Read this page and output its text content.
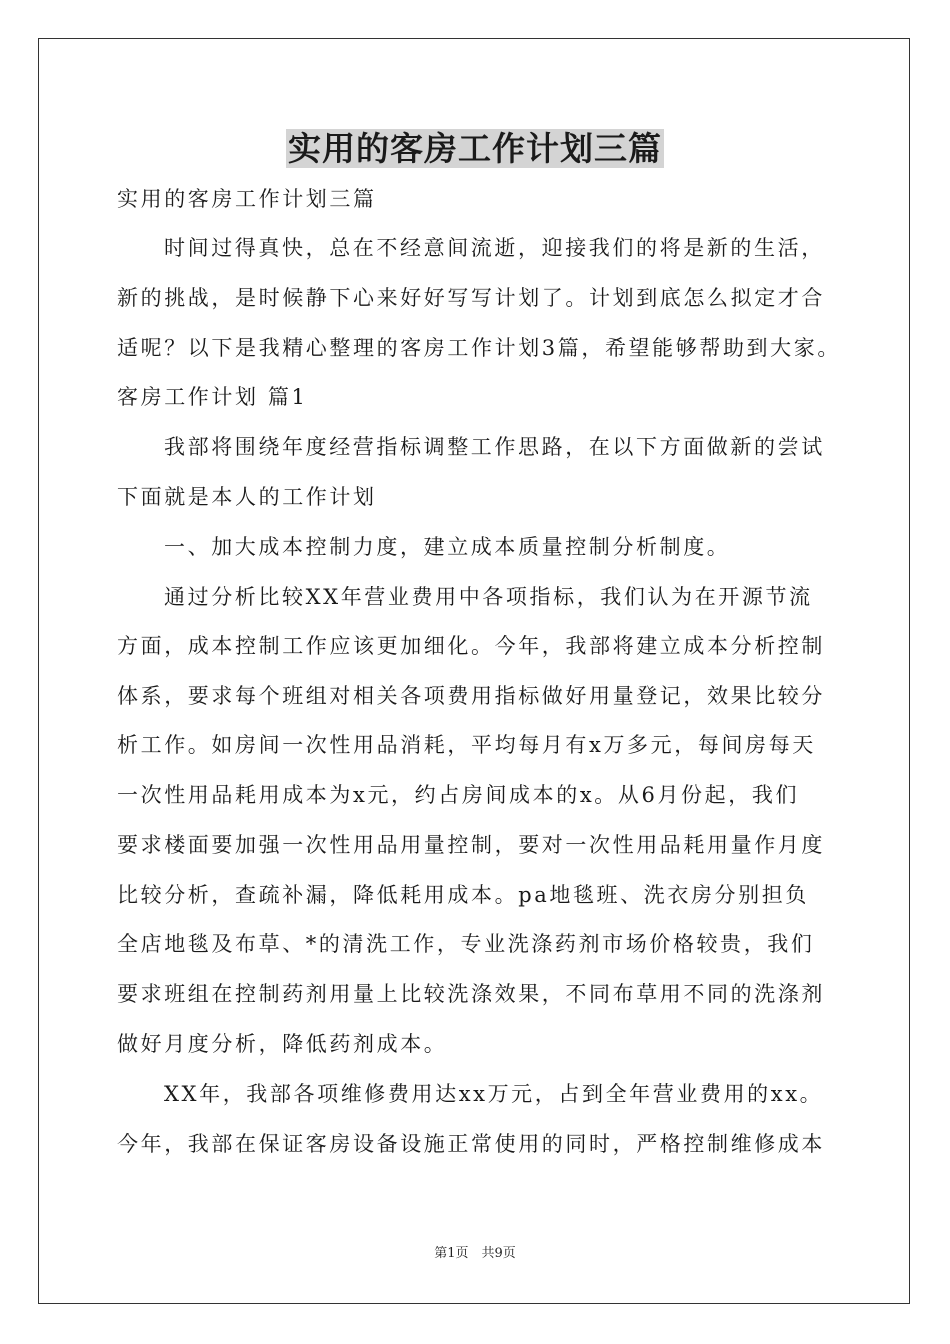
实用的客房工作计划三篇
实用的客房工作计划三篇
时间过得真快，总在不经意间流逝，迎接我们的将是新的生活，
新的挑战，是时候静下心来好好写写计划了。计划到底怎么拟定才合
适呢？以下是我精心整理的客房工作计划3篇，希望能够帮助到大家。
客房工作计划 篇1
我部将围绕年度经营指标调整工作思路，在以下方面做新的尝试
下面就是本人的工作计划
一、加大成本控制力度，建立成本质量控制分析制度。
通过分析比较XX年营业费用中各项指标，我们认为在开源节流
方面，成本控制工作应该更加细化。今年，我部将建立成本分析控制
体系，要求每个班组对相关各项费用指标做好用量登记，效果比较分
析工作。如房间一次性用品消耗，平均每月有x万多元，每间房每天
一次性用品耗用成本为x元，约占房间成本的x。从6月份起，我们
要求楼面要加强一次性用品用量控制，要对一次性用品耗用量作月度
比较分析，查疏补漏，降低耗用成本。pa地毯班、洗衣房分别担负
全店地毯及布草、*的清洗工作，专业洗涤药剂市场价格较贵，我们
要求班组在控制药剂用量上比较洗涤效果，不同布草用不同的洗涤剂
做好月度分析，降低药剂成本。
XX年，我部各项维修费用达xx万元，占到全年营业费用的xx。
今年，我部在保证客房设备设施正常使用的同时，严格控制维修成本
第1页　共9页
